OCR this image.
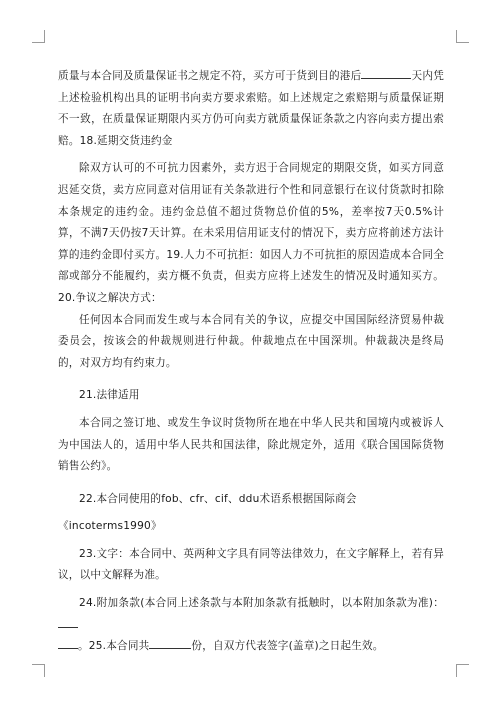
质量与本合同及质量保证书之规定不符，买方可于货到目的港后	天内凭上述检验机构出具的证明书向卖方要求索赔。如上述规定之索赔期与质量保证期不一致，在质量保证期限内买方仍可向卖方就质量保证条款之内容向卖方提出索赔。18.延期交货违约金

除双方认可的不可抗力因素外，卖方迟于合同规定的期限交货，如买方同意迟延交货，卖方应同意对信用证有关条款进行个性和同意银行在议付货款时扣除本条规定的违约金。违约金总值不超过货物总价值的5%，差率按7天0.5%计算，不满7天仍按7天计算。在未采用信用证支付的情况下，卖方应将前述方法计算的违约金即付买方。19.人力不可抗拒：如因人力不可抗拒的原因造成本合同全部或部分不能履约，卖方概不负责，但卖方应将上述发生的情况及时通知买方。20.争议之解决方式：

任何因本合同而发生或与本合同有关的争议，应提交中国国际经济贸易仲裁委员会，按该会的仲裁规则进行仲裁。仲裁地点在中国深圳。仲裁裁决是终局的，对双方均有约束力。

21.法律适用

本合同之签订地、或发生争议时货物所在地在中华人民共和国境内或被诉人为中国法人的，适用中华人民共和国法律，除此规定外，适用《联合国国际货物销售公约》。

22.本合同使用的fob、cfr、cif、ddu术语系根据国际商会

《incoterms1990》

23.文字：本合同中、英两种文字具有同等法律效力，在文字解释上，若有异议，以中文解释为准。

24.附加条款(本合同上述条款与本附加条款有抵触时，以本附加条款为准)：
。25.本合同共	份，自双方代表签字(盖章)之日起生效。
